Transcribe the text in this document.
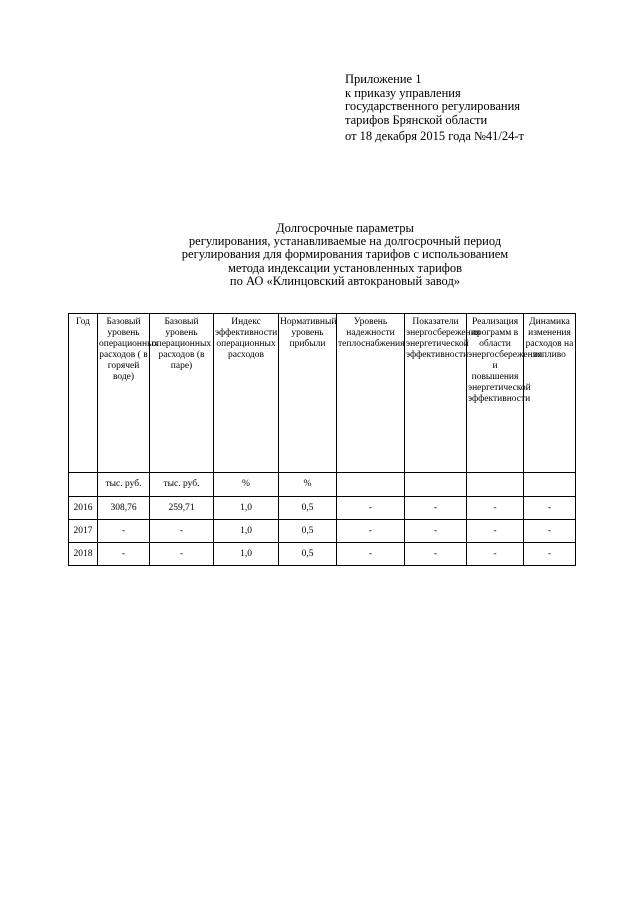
Приложение 1
к приказу управления
государственного регулирования
тарифов Брянской области
от 18 декабря 2015 года №41/24-т
Долгосрочные параметры
регулирования, устанавливаемые на долгосрочный период
регулирования для формирования тарифов с использованием
метода индексации установленных тарифов
по АО «Клинцовский автокрановый завод»
Год	Базовый уровень операционных расходов ( в горячей воде)	Базовый уровень операционных расходов (в паре)	Индекс эффективности операционных расходов	Нормативный уровень прибыли	Уровень надежности теплоснабжения	Показатели энергосбережения энергетической эффективности	Реализация программ в области энергосбережения и повышения энергетической эффективности	Динамика изменения расходов на топливо
	тыс. руб.	тыс. руб.	%	%				
2016	308,76	259,71	1,0	0,5	-	-	-	-
2017	-	-	1,0	0,5	-	-	-	-
2018	-	-	1,0	0,5	-	-	-	-
